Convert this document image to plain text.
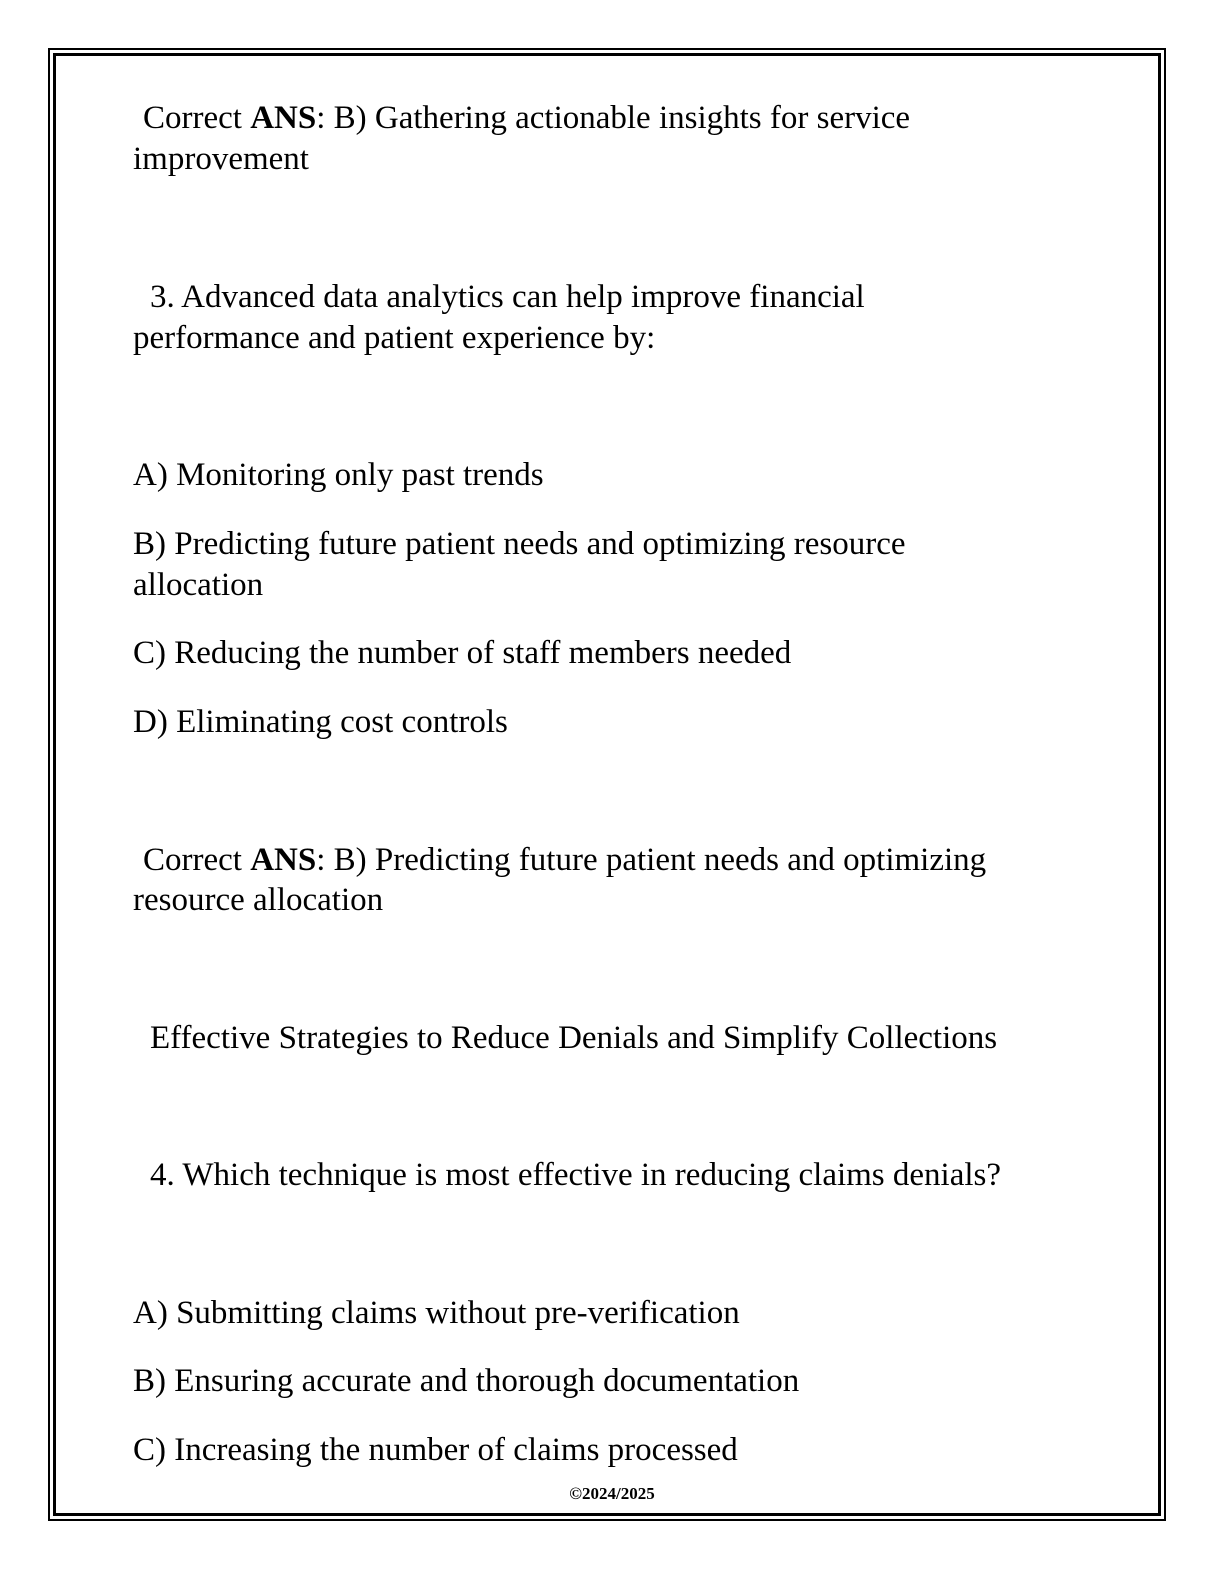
Correct ANS: B) Gathering actionable insights for service
improvement
3. Advanced data analytics can help improve financial
performance and patient experience by:
A) Monitoring only past trends
B) Predicting future patient needs and optimizing resource
allocation
C) Reducing the number of staff members needed
D) Eliminating cost controls
Correct ANS: B) Predicting future patient needs and optimizing
resource allocation
Effective Strategies to Reduce Denials and Simplify Collections
4. Which technique is most effective in reducing claims denials?
A) Submitting claims without pre-verification
B) Ensuring accurate and thorough documentation
C) Increasing the number of claims processed
©2024/2025
